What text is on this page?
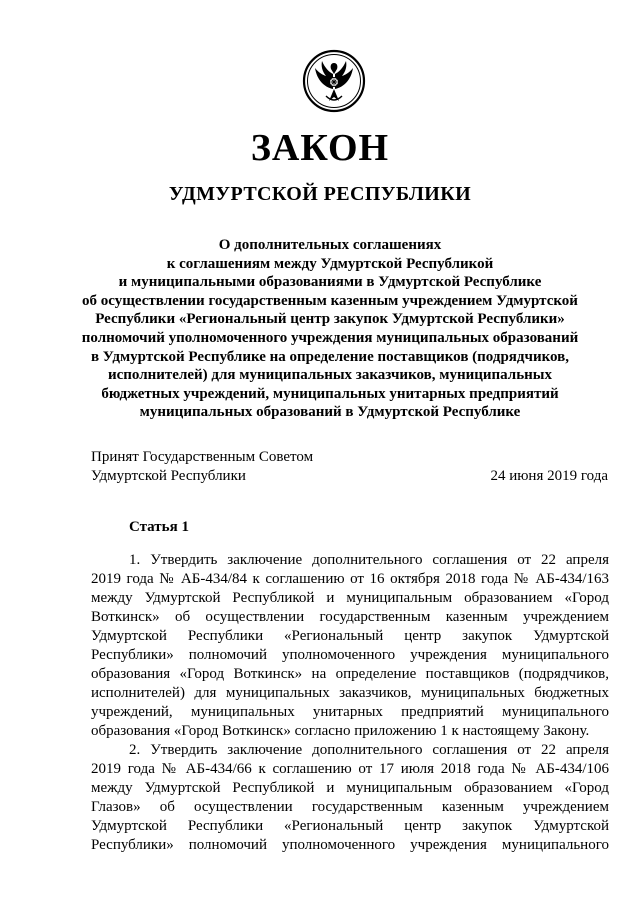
ЗАКОН
УДМУРТСКОЙ РЕСПУБЛИКИ
О дополнительных соглашениях
к соглашениям между Удмуртской Республикой
и муниципальными образованиями в Удмуртской Республике
об осуществлении государственным казенным учреждением Удмуртской
Республики «Региональный центр закупок Удмуртской Республики»
полномочий уполномоченного учреждения муниципальных образований
в Удмуртской Республике на определение поставщиков (подрядчиков,
исполнителей) для муниципальных заказчиков, муниципальных
бюджетных учреждений, муниципальных унитарных предприятий
муниципальных образований в Удмуртской Республике
Принят Государственным Советом
Удмуртской Республики	24 июня 2019 года
Статья 1
1. Утвердить заключение дополнительного соглашения от 22 апреля
2019 года № АБ-434/84 к соглашению от 16 октября 2018 года № АБ-434/163
между Удмуртской Республикой и муниципальным образованием «Город
Воткинск» об осуществлении государственным казенным учреждением
Удмуртской Республики «Региональный центр закупок Удмуртской
Республики» полномочий уполномоченного учреждения муниципального
образования «Город Воткинск» на определение поставщиков (подрядчиков,
исполнителей) для муниципальных заказчиков, муниципальных бюджетных
учреждений, муниципальных унитарных предприятий муниципального
образования «Город Воткинск» согласно приложению 1 к настоящему Закону.
2. Утвердить заключение дополнительного соглашения от 22 апреля
2019 года № АБ-434/66 к соглашению от 17 июля 2018 года № АБ-434/106
между Удмуртской Республикой и муниципальным образованием «Город
Глазов» об осуществлении государственным казенным учреждением
Удмуртской Республики «Региональный центр закупок Удмуртской
Республики» полномочий уполномоченного учреждения муниципального
